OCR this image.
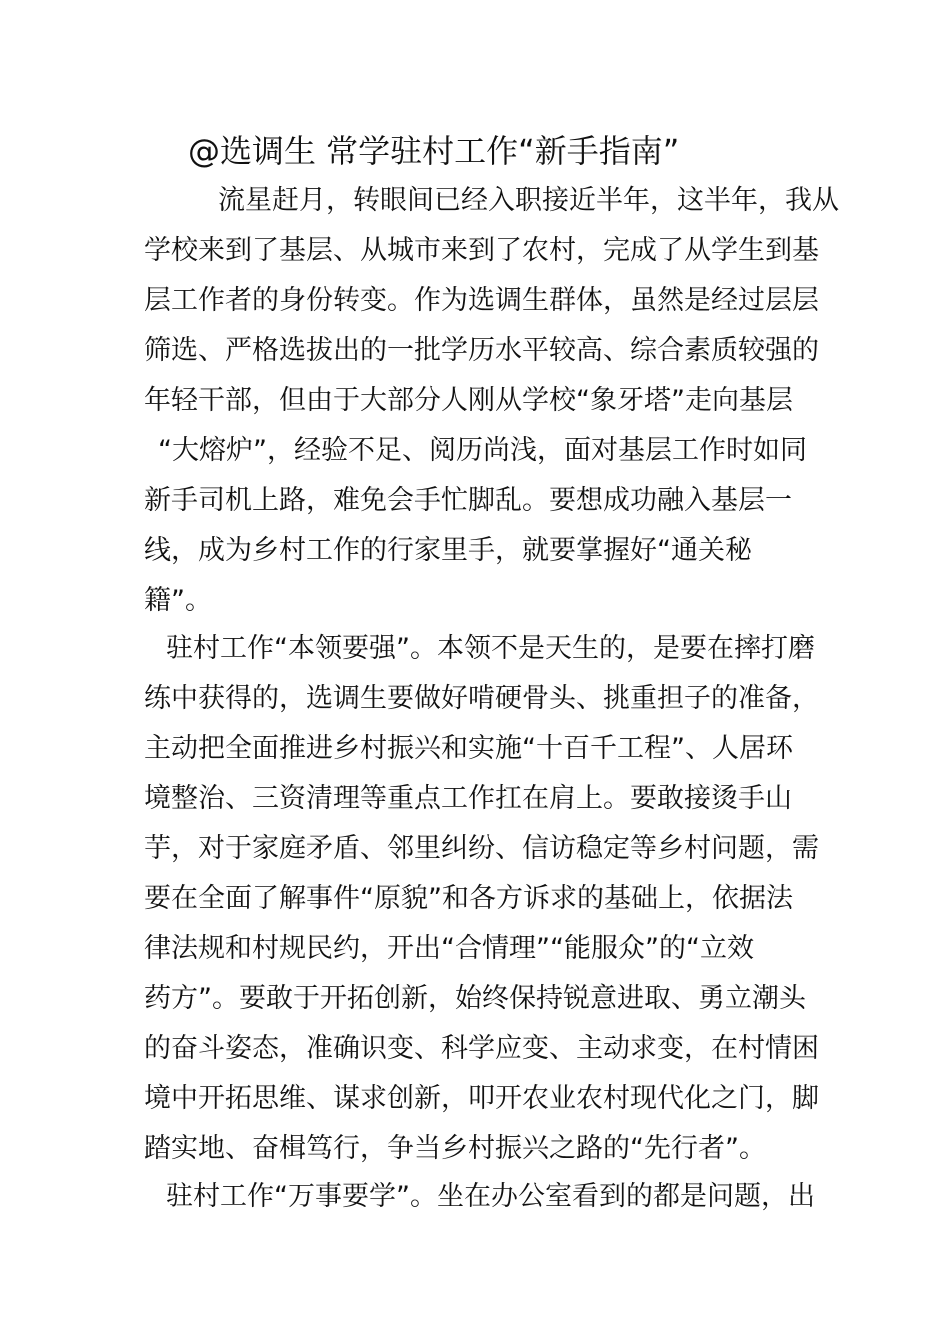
@选调生 常学驻村工作“新手指南”
流星赶月，转眼间已经入职接近半年，这半年，我从
学校来到了基层、从城市来到了农村，完成了从学生到基
层工作者的身份转变。作为选调生群体，虽然是经过层层
筛选、严格选拔出的一批学历水平较高、综合素质较强的
年轻干部，但由于大部分人刚从学校“象牙塔”走向基层
“大熔炉”，经验不足、阅历尚浅，面对基层工作时如同
新手司机上路，难免会手忙脚乱。要想成功融入基层一
线，成为乡村工作的行家里手，就要掌握好“通关秘
籍”。
驻村工作“本领要强”。本领不是天生的，是要在摔打磨
练中获得的，选调生要做好啃硬骨头、挑重担子的准备，
主动把全面推进乡村振兴和实施“十百千工程”、人居环
境整治、三资清理等重点工作扛在肩上。要敢接烫手山
芋，对于家庭矛盾、邻里纠纷、信访稳定等乡村问题，需
要在全面了解事件“原貌”和各方诉求的基础上，依据法
律法规和村规民约，开出“合情理”“能服众”的“立效
药方”。要敢于开拓创新，始终保持锐意进取、勇立潮头
的奋斗姿态，准确识变、科学应变、主动求变，在村情困
境中开拓思维、谋求创新，叩开农业农村现代化之门，脚
踏实地、奋楫笃行，争当乡村振兴之路的“先行者”。
驻村工作“万事要学”。坐在办公室看到的都是问题，出
